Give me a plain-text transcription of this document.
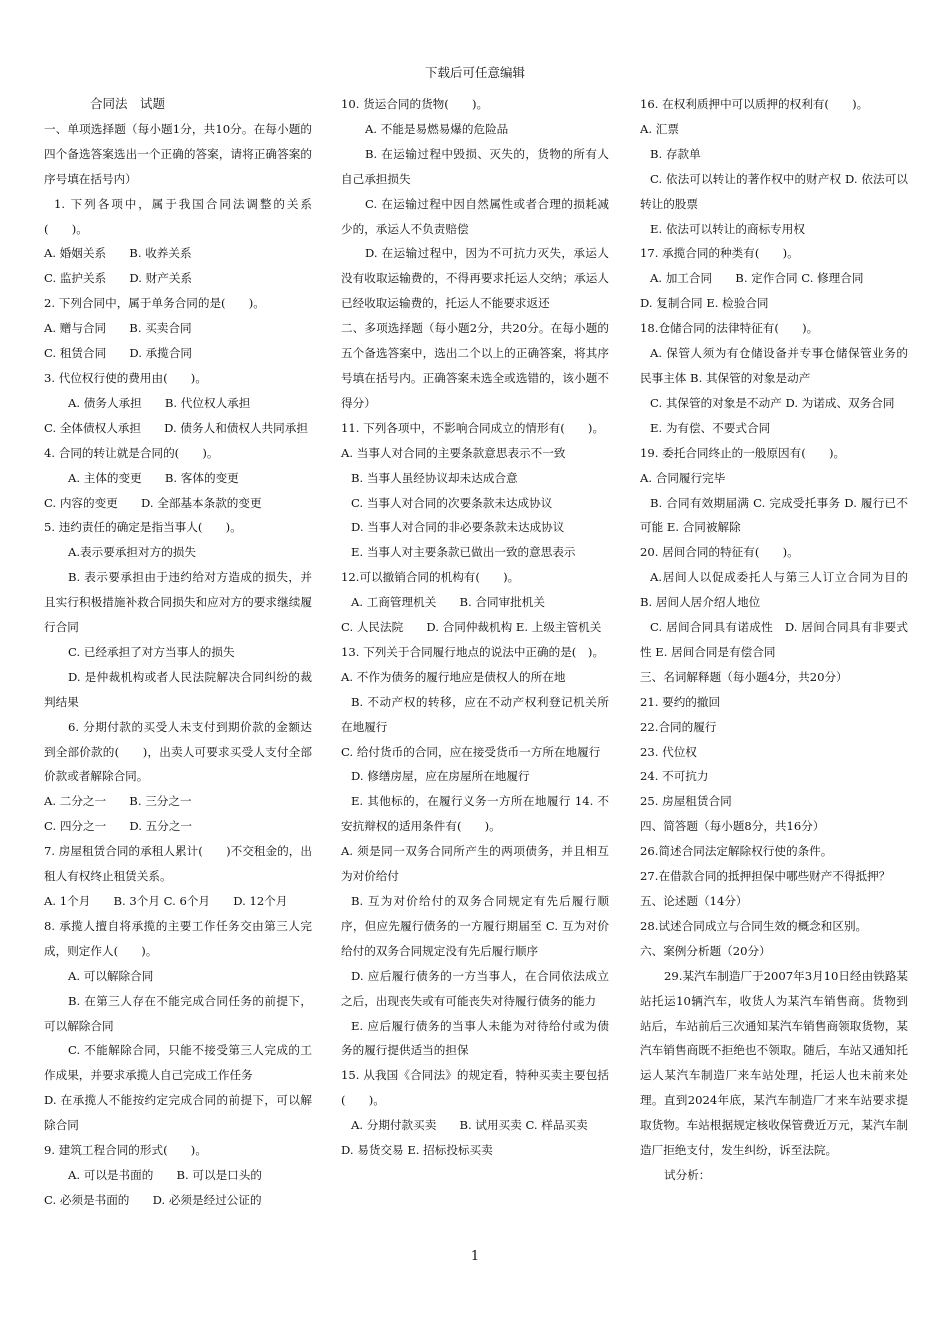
下载后可任意编辑

合同法　试题

一、单项选择题（每小题1分，共10分。在每小题的四个备选答案选出一个正确的答案，请将正确答案的序号填在括号内）

1. 下列各项中，属于我国合同法调整的关系(　　)。

A. 婚姻关系　　B. 收养关系

C. 监护关系　　D. 财产关系

2. 下列合同中，属于单务合同的是(　　)。

A. 赠与合同　　B. 买卖合同

C. 租赁合同　　D. 承揽合同

3. 代位权行使的费用由(　　)。

A. 债务人承担　　B. 代位权人承担

C. 全体债权人承担　　D. 债务人和债权人共同承担

4. 合同的转让就是合同的(　　)。

A. 主体的变更　　B. 客体的变更

C. 内容的变更　　D. 全部基本条款的变更

5. 违约责任的确定是指当事人(　　)。

A.表示要承担对方的损失

B. 表示要承担由于违约给对方造成的损失，并且实行积极措施补救合同损失和应对方的要求继续履行合同

C. 已经承担了对方当事人的损失

D. 是仲裁机构或者人民法院解决合同纠纷的裁判结果

6. 分期付款的买受人未支付到期价款的金额达到全部价款的(　　)，出卖人可要求买受人支付全部价款或者解除合同。

A. 二分之一　　B. 三分之一

C. 四分之一　　D. 五分之一

7. 房屋租赁合同的承租人累计(　　)不交租金的，出租人有权终止租赁关系。

A. 1个月　　B. 3个月 C. 6个月　　D. 12个月

8. 承揽人擅自将承揽的主要工作任务交由第三人完成，则定作人(　　)。

A. 可以解除合同

B. 在第三人存在不能完成合同任务的前提下，可以解除合同

C. 不能解除合同，只能不接受第三人完成的工作成果，并要求承揽人自己完成工作任务

D. 在承揽人不能按约定完成合同的前提下，可以解除合同

9. 建筑工程合同的形式(　　)。

A. 可以是书面的　　B. 可以是口头的

C. 必须是书面的　　D. 必须是经过公证的

10. 货运合同的货物(　　)。

A. 不能是易燃易爆的危险品

B. 在运输过程中毁损、灭失的，货物的所有人自己承担损失

C. 在运输过程中因自然属性或者合理的损耗减少的，承运人不负责赔偿

D. 在运输过程中，因为不可抗力灭失，承运人没有收取运输费的，不得再要求托运人交纳；承运人已经收取运输费的，托运人不能要求返还

二、多项选择题（每小题2分，共20分。在每小题的五个备选答案中，选出二个以上的正确答案，将其序号填在括号内。正确答案未选全或选错的，该小题不得分）

11. 下列各项中，不影响合同成立的情形有(　　)。

A. 当事人对合同的主要条款意思表示不一致

B. 当事人虽经协议却未达成合意

C. 当事人对合同的次要条款未达成协议

D. 当事人对合同的非必要条款未达成协议

E. 当事人对主要条款已做出一致的意思表示

12.可以撤销合同的机构有(　　)。

A. 工商管理机关　　B. 合同审批机关

C. 人民法院　　D. 合同仲裁机构 E. 上级主管机关

13. 下列关于合同履行地点的说法中正确的是(　)。

A. 不作为债务的履行地应是债权人的所在地

B. 不动产权的转移，应在不动产权利登记机关所在地履行

C. 给付货币的合同，应在接受货币一方所在地履行

D. 修缮房屋，应在房屋所在地履行

E. 其他标的，在履行义务一方所在地履行 14. 不安抗辩权的适用条件有(　　)。

A. 须是同一双务合同所产生的两项债务，并且相互为对价给付

B. 互为对价给付的双务合同规定有先后履行顺序，但应先履行债务的一方履行期届至 C. 互为对价给付的双务合同规定没有先后履行顺序

D. 应后履行债务的一方当事人，在合同依法成立之后，出现丧失或有可能丧失对待履行债务的能力

E. 应后履行债务的当事人未能为对待给付或为债务的履行提供适当的担保

15. 从我国《合同法》的规定看，特种买卖主要包括(　　)。

A. 分期付款买卖　　B. 试用买卖 C. 样品买卖

D. 易货交易 E. 招标投标买卖

16. 在权利质押中可以质押的权利有(　　)。

A. 汇票

B. 存款单

C. 依法可以转让的著作权中的财产权 D. 依法可以转让的股票

E. 依法可以转让的商标专用权

17. 承揽合同的种类有(　　)。

A. 加工合同　　B. 定作合同 C. 修理合同

D. 复制合同 E. 检验合同

18.仓储合同的法律特征有(　　)。

A. 保管人须为有仓储设备并专事仓储保管业务的民事主体 B. 其保管的对象是动产

C. 其保管的对象是不动产 D. 为诺成、双务合同

E. 为有偿、不要式合同

19. 委托合同终止的一般原因有(　　)。

A. 合同履行完毕

B. 合同有效期届满 C. 完成受托事务 D. 履行已不可能 E. 合同被解除

20. 居间合同的特征有(　　)。

A.居间人以促成委托人与第三人订立合同为目的 B. 居间人居介绍人地位

C. 居间合同具有诺成性　D. 居间合同具有非要式性 E. 居间合同是有偿合同

三、名词解释题（每小题4分，共20分）

21. 要约的撤回

22.合同的履行

23. 代位权

24. 不可抗力

25. 房屋租赁合同

四、简答题（每小题8分，共16分）

26.简述合同法定解除权行使的条件。

27.在借款合同的抵押担保中哪些财产不得抵押？

五、论述题（14分）

28.试述合同成立与合同生效的概念和区别。

六、案例分析题（20分）

29.某汽车制造厂于2007年3月10日经由铁路某站托运10辆汽车，收货人为某汽车销售商。货物到站后，车站前后三次通知某汽车销售商领取货物，某汽车销售商既不拒绝也不领取。随后，车站又通知托运人某汽车制造厂来车站处理，托运人也未前来处理。直到2024年底，某汽车制造厂才来车站要求提取货物。车站根据规定核收保管费近万元，某汽车制造厂拒绝支付，发生纠纷，诉至法院。

试分析：

1
